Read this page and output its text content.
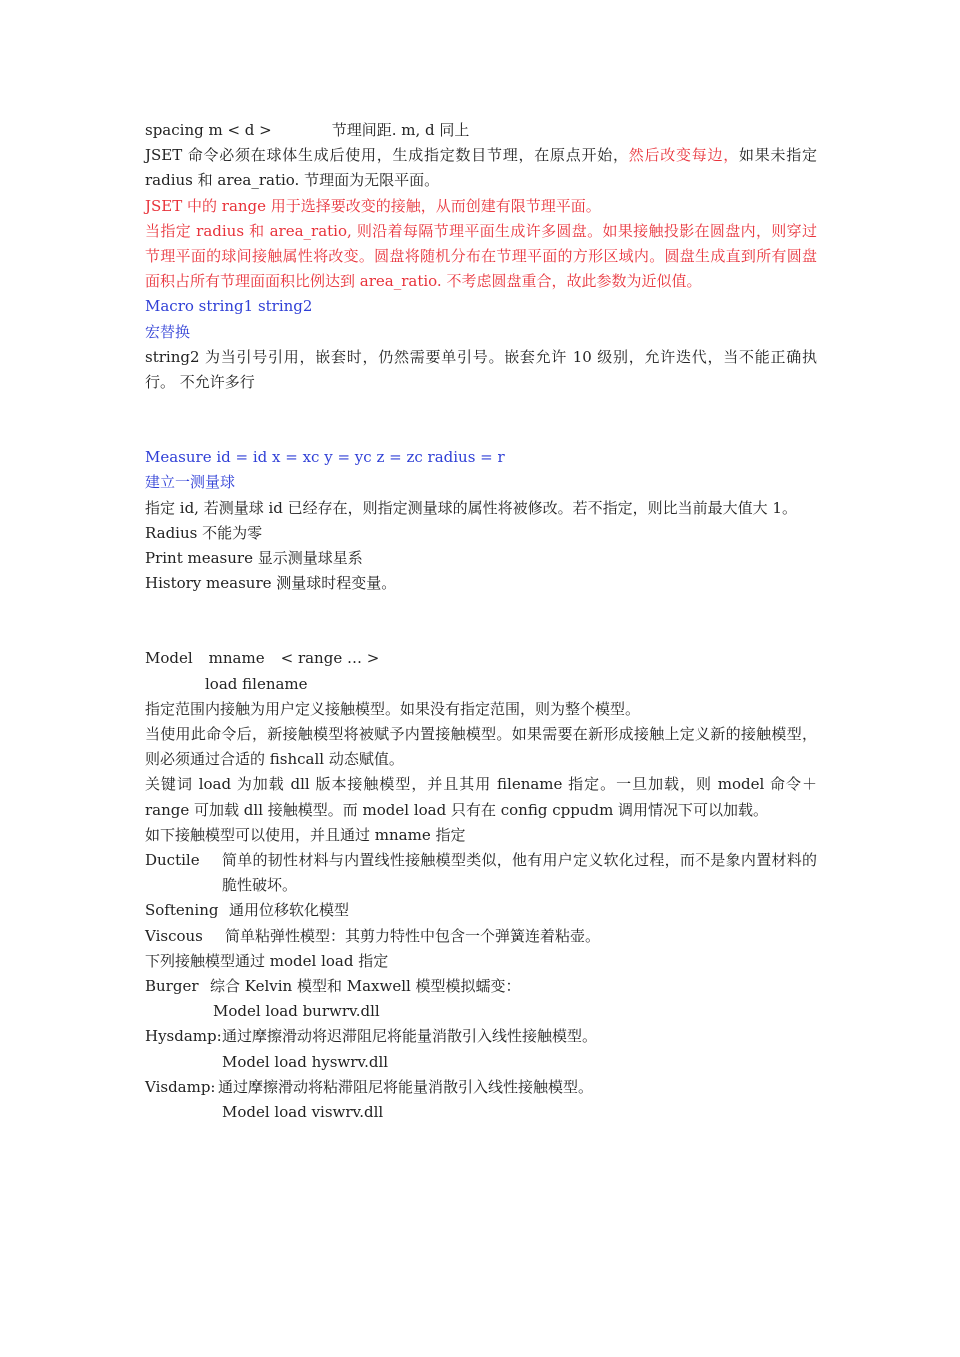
spacing m < d >	节理间距. m, d 同上
JSET 命令必须在球体生成后使用，生成指定数目节理，在原点开始，然后改变每边，如果未指定 radius 和 area_ratio. 节理面为无限平面。
JSET 中的 range 用于选择要改变的接触，从而创建有限节理平面。
当指定 radius 和 area_ratio, 则沿着每隔节理平面生成许多圆盘。如果接触投影在圆盘内，则穿过节理平面的球间接触属性将改变。圆盘将随机分布在节理平面的方形区域内。圆盘生成直到所有圆盘面积占所有节理面面积比例达到 area_ratio. 不考虑圆盘重合，故此参数为近似值。
Macro string1 string2
宏替换
string2 为当引号引用，嵌套时，仍然需要单引号。嵌套允许 10 级别，允许迭代，当不能正确执行。 不允许多行
Measure id = id x = xc y = yc z = zc radius = r
建立一测量球
指定 id, 若测量球 id 已经存在，则指定测量球的属性将被修改。若不指定，则比当前最大值大 1。
Radius 不能为零
Print measure 显示测量球星系
History measure 测量球时程变量。
Model mname < range … >
load filename
指定范围内接触为用户定义接触模型。如果没有指定范围，则为整个模型。
当使用此命令后，新接触模型将被赋予内置接触模型。如果需要在新形成接触上定义新的接触模型，则必须通过合适的 fishcall 动态赋值。
关键词 load 为加载 dll 版本接触模型，并且其用 filename 指定。一旦加载，则 model 命令＋range 可加载 dll 接触模型。而 model load 只有在 config cppudm 调用情况下可以加载。
如下接触模型可以使用，并且通过 mname 指定
Ductile	简单的韧性材料与内置线性接触模型类似，他有用户定义软化过程，而不是象内置材料的脆性破坏。
Softening 通用位移软化模型
Viscous	简单粘弹性模型：其剪力特性中包含一个弹簧连着粘壶。
下列接触模型通过 model load 指定
Burger 综合 Kelvin 模型和 Maxwell 模型模拟蠕变：
Model load burwrv.dll
Hysdamp: 通过摩擦滑动将迟滞阻尼将能量消散引入线性接触模型。
Model load hyswrv.dll
Visdamp: 通过摩擦滑动将粘滞阻尼将能量消散引入线性接触模型。
Model load viswrv.dll
